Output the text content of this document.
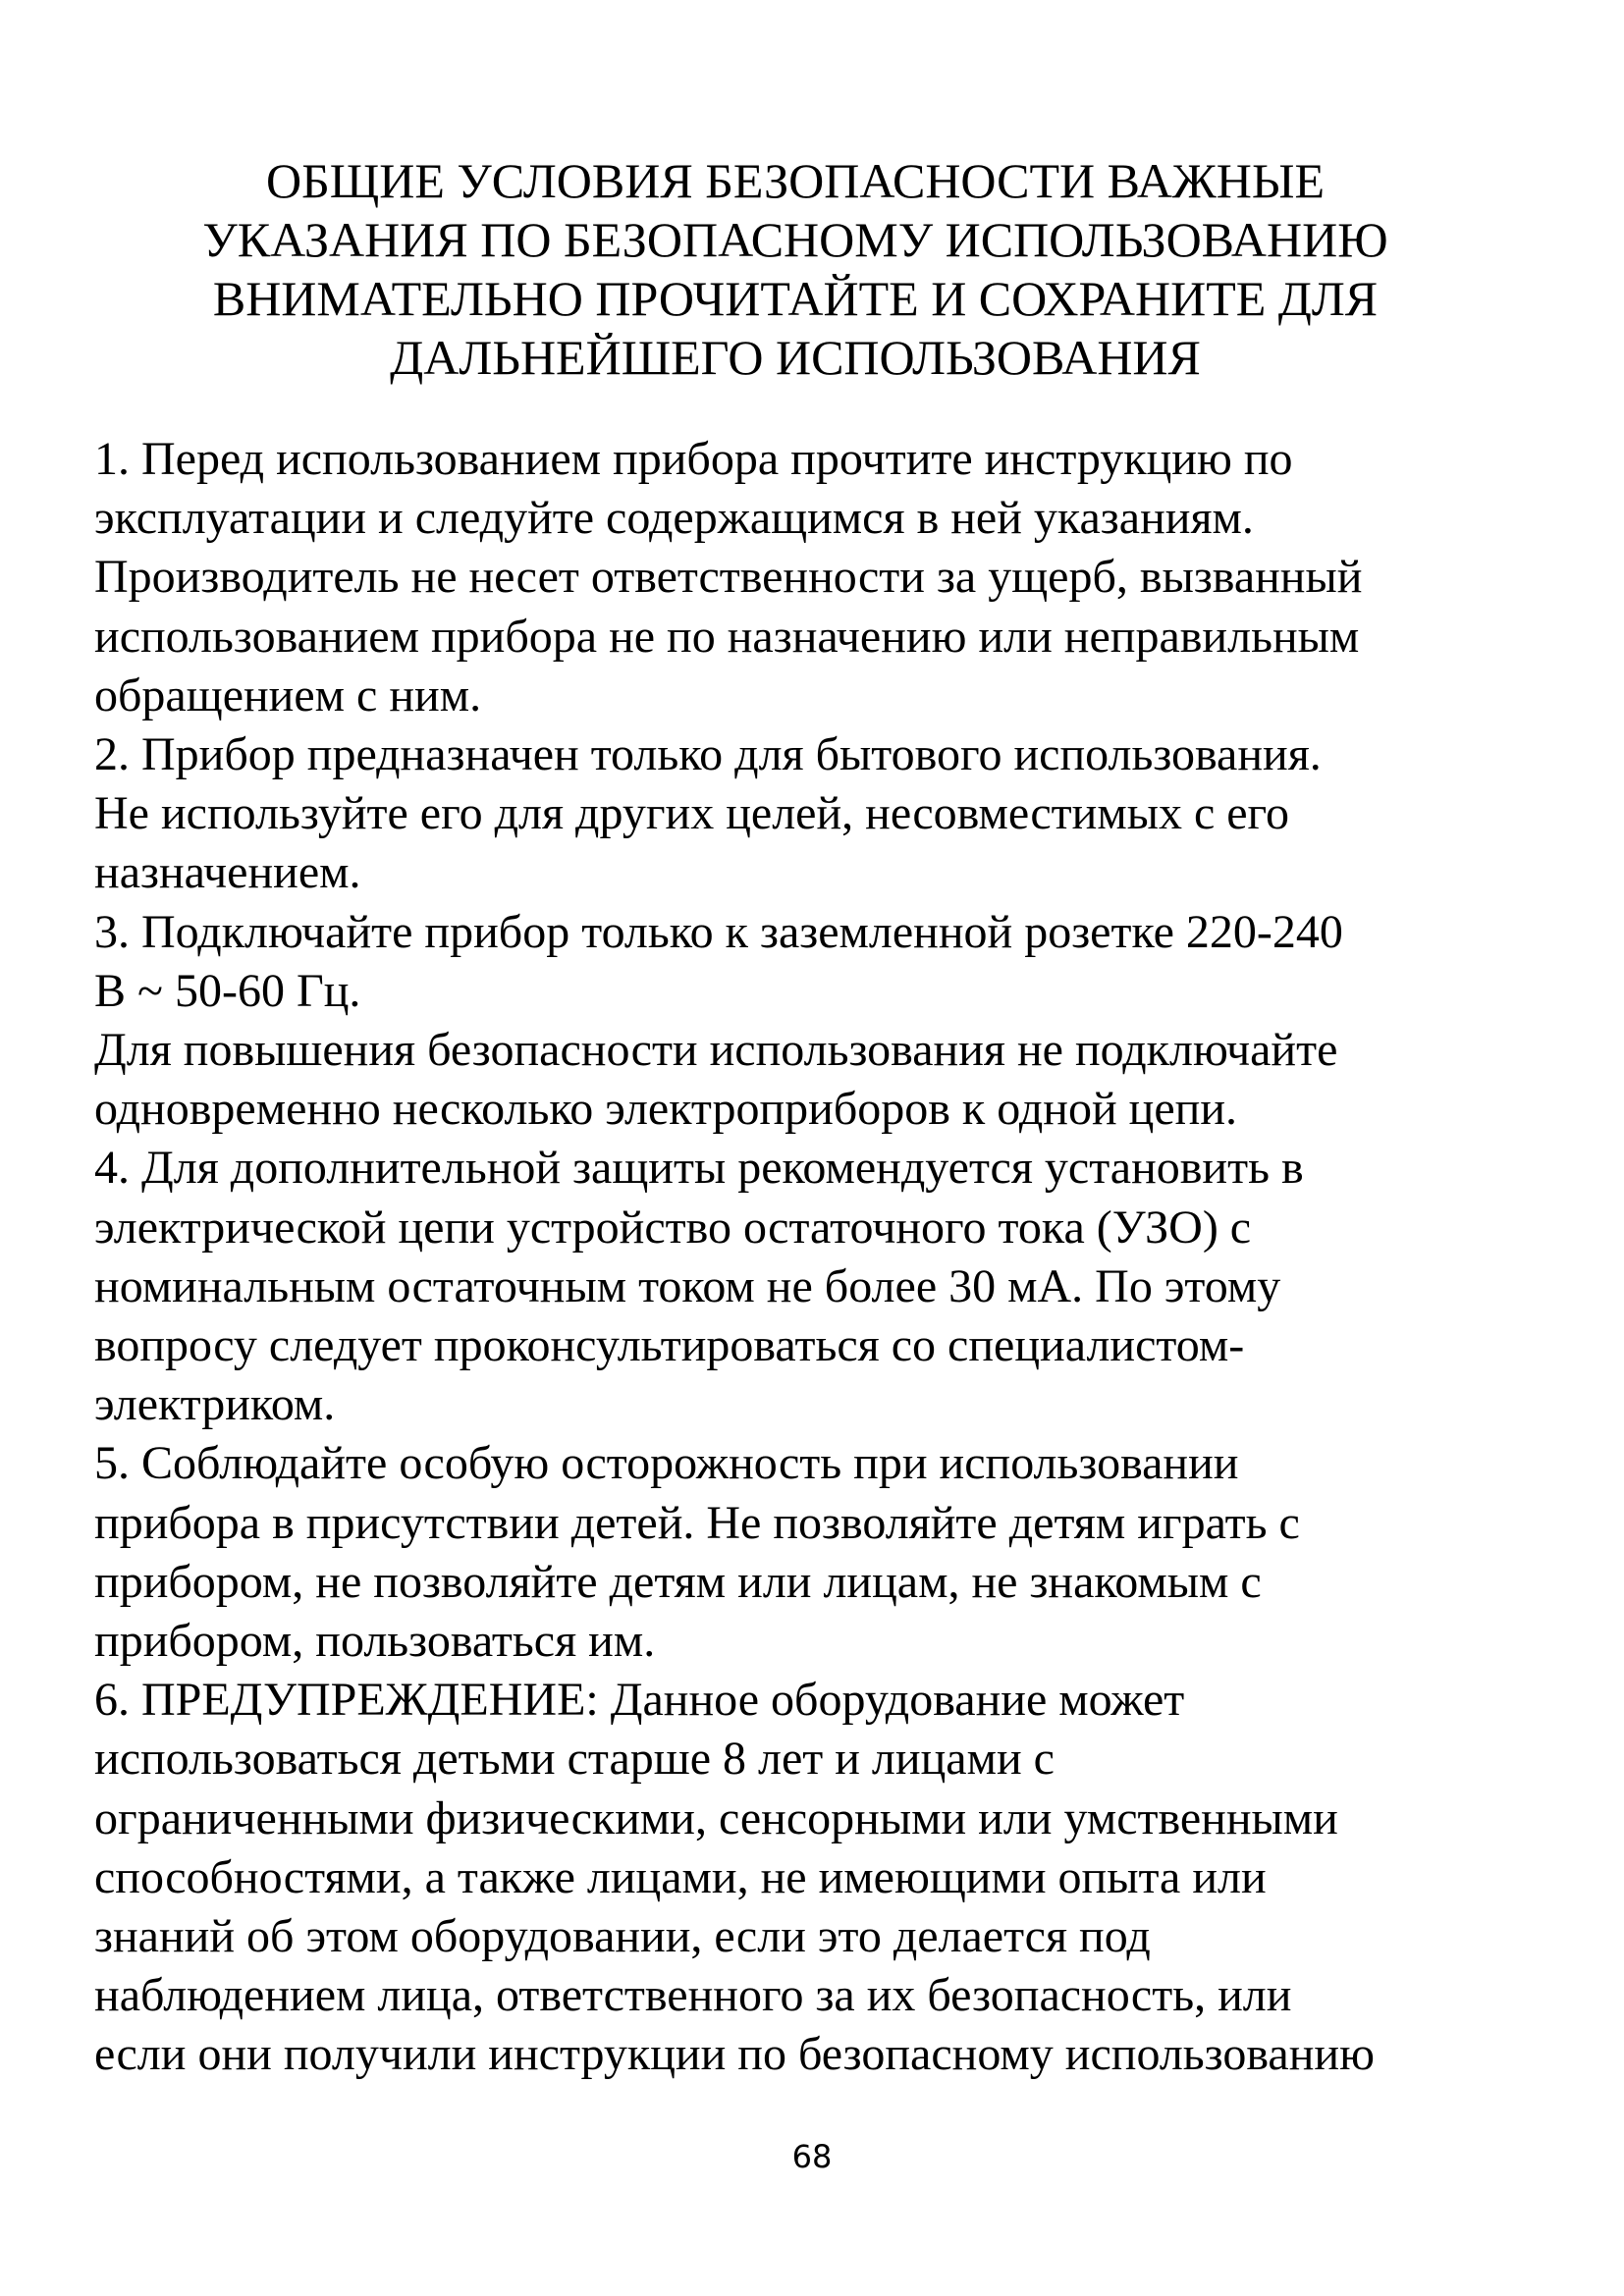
ОБЩИЕ УСЛОВИЯ БЕЗОПАСНОСТИ ВАЖНЫЕ
УКАЗАНИЯ ПО БЕЗОПАСНОМУ ИСПОЛЬЗОВАНИЮ
ВНИМАТЕЛЬНО ПРОЧИТАЙТЕ И СОХРАНИТЕ ДЛЯ
ДАЛЬНЕЙШЕГО ИСПОЛЬЗОВАНИЯ

1. Перед использованием прибора прочтите инструкцию по
эксплуатации и следуйте содержащимся в ней указаниям.
Производитель не несет ответственности за ущерб, вызванный
использованием прибора не по назначению или неправильным
обращением с ним.

2. Прибор предназначен только для бытового использования.
Не используйте его для других целей, несовместимых с его
назначением.

3. Подключайте прибор только к заземленной розетке 220-240
В ~ 50-60 Гц.

Для повышения безопасности использования не подключайте
одновременно несколько электроприборов к одной цепи.

4. Для дополнительной защиты рекомендуется установить в
электрической цепи устройство остаточного тока (УЗО) с
номинальным остаточным током не более 30 мА. По этому
вопросу следует проконсультироваться со специалистом-
электриком.

5. Соблюдайте особую осторожность при использовании
прибора в присутствии детей. Не позволяйте детям играть с
прибором, не позволяйте детям или лицам, не знакомым с
прибором, пользоваться им.

6. ПРЕДУПРЕЖДЕНИЕ: Данное оборудование может
использоваться детьми старше 8 лет и лицами с
ограниченными физическими, сенсорными или умственными
способностями, а также лицами, не имеющими опыта или
знаний об этом оборудовании, если это делается под
наблюдением лица, ответственного за их безопасность, или
если они получили инструкции по безопасному использованию

68
